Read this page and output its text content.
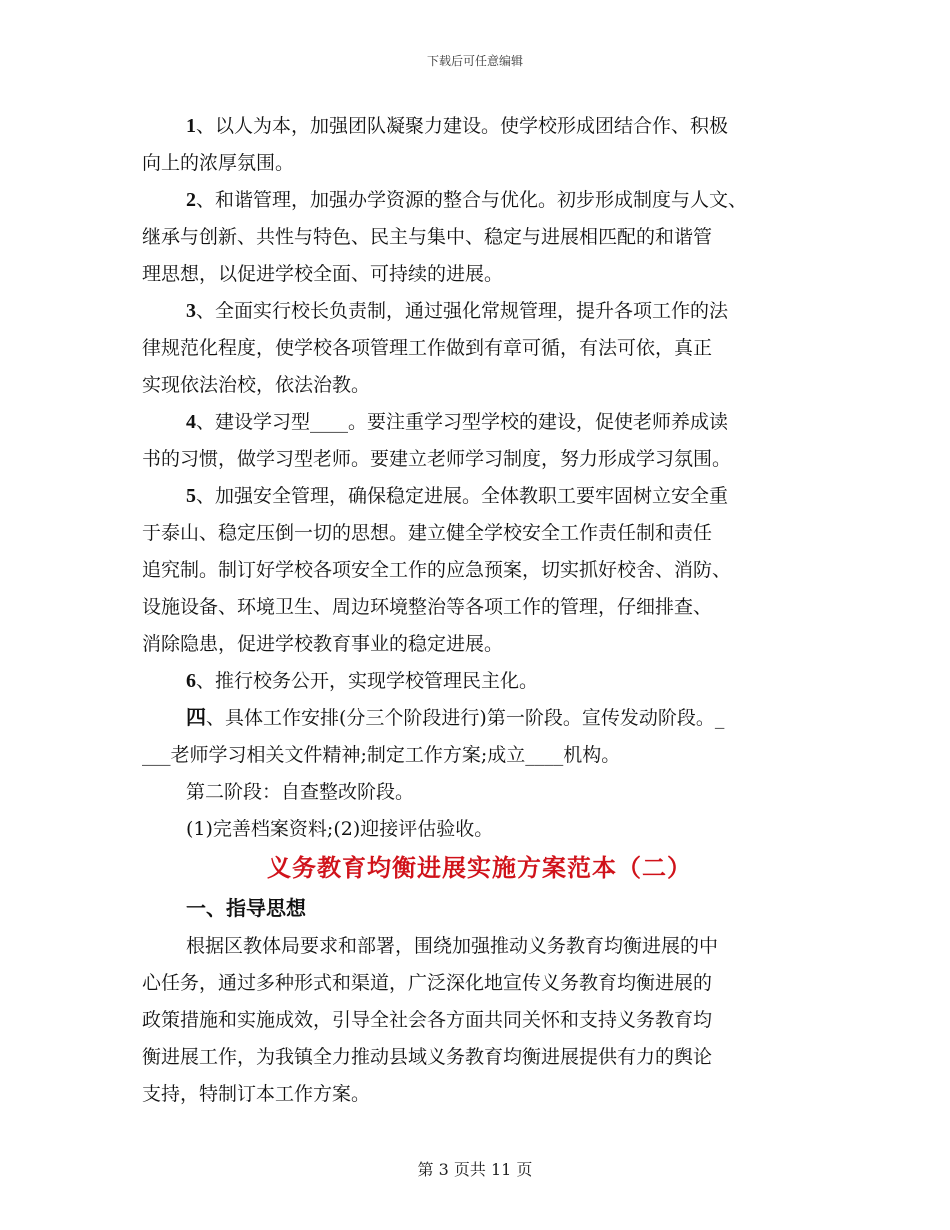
下载后可任意编辑

1、以人为本，加强团队凝聚力建设。使学校形成团结合作、积极
向上的浓厚氛围。

2、和谐管理，加强办学资源的整合与优化。初步形成制度与人文、
继承与创新、共性与特色、民主与集中、稳定与进展相匹配的和谐管
理思想，以促进学校全面、可持续的进展。

3、全面实行校长负责制，通过强化常规管理，提升各项工作的法
律规范化程度，使学校各项管理工作做到有章可循，有法可依，真正
实现依法治校，依法治教。

4、建设学习型____。要注重学习型学校的建设，促使老师养成读
书的习惯，做学习型老师。要建立老师学习制度，努力形成学习氛围。

5、加强安全管理，确保稳定进展。全体教职工要牢固树立安全重
于泰山、稳定压倒一切的思想。建立健全学校安全工作责任制和责任
追究制。制订好学校各项安全工作的应急预案，切实抓好校舍、消防、
设施设备、环境卫生、周边环境整治等各项工作的管理，仔细排查、
消除隐患，促进学校教育事业的稳定进展。

6、推行校务公开，实现学校管理民主化。

四、具体工作安排(分三个阶段进行)第一阶段。宣传发动阶段。_
___老师学习相关文件精神;制定工作方案;成立____机构。

第二阶段：自查整改阶段。

(1)完善档案资料;(2)迎接评估验收。

义务教育均衡进展实施方案范本（二）
一、指导思想

根据区教体局要求和部署，围绕加强推动义务教育均衡进展的中
心任务，通过多种形式和渠道，广泛深化地宣传义务教育均衡进展的
政策措施和实施成效，引导全社会各方面共同关怀和支持义务教育均
衡进展工作，为我镇全力推动县域义务教育均衡进展提供有力的舆论
支持，特制订本工作方案。

第 3 页共 11 页
